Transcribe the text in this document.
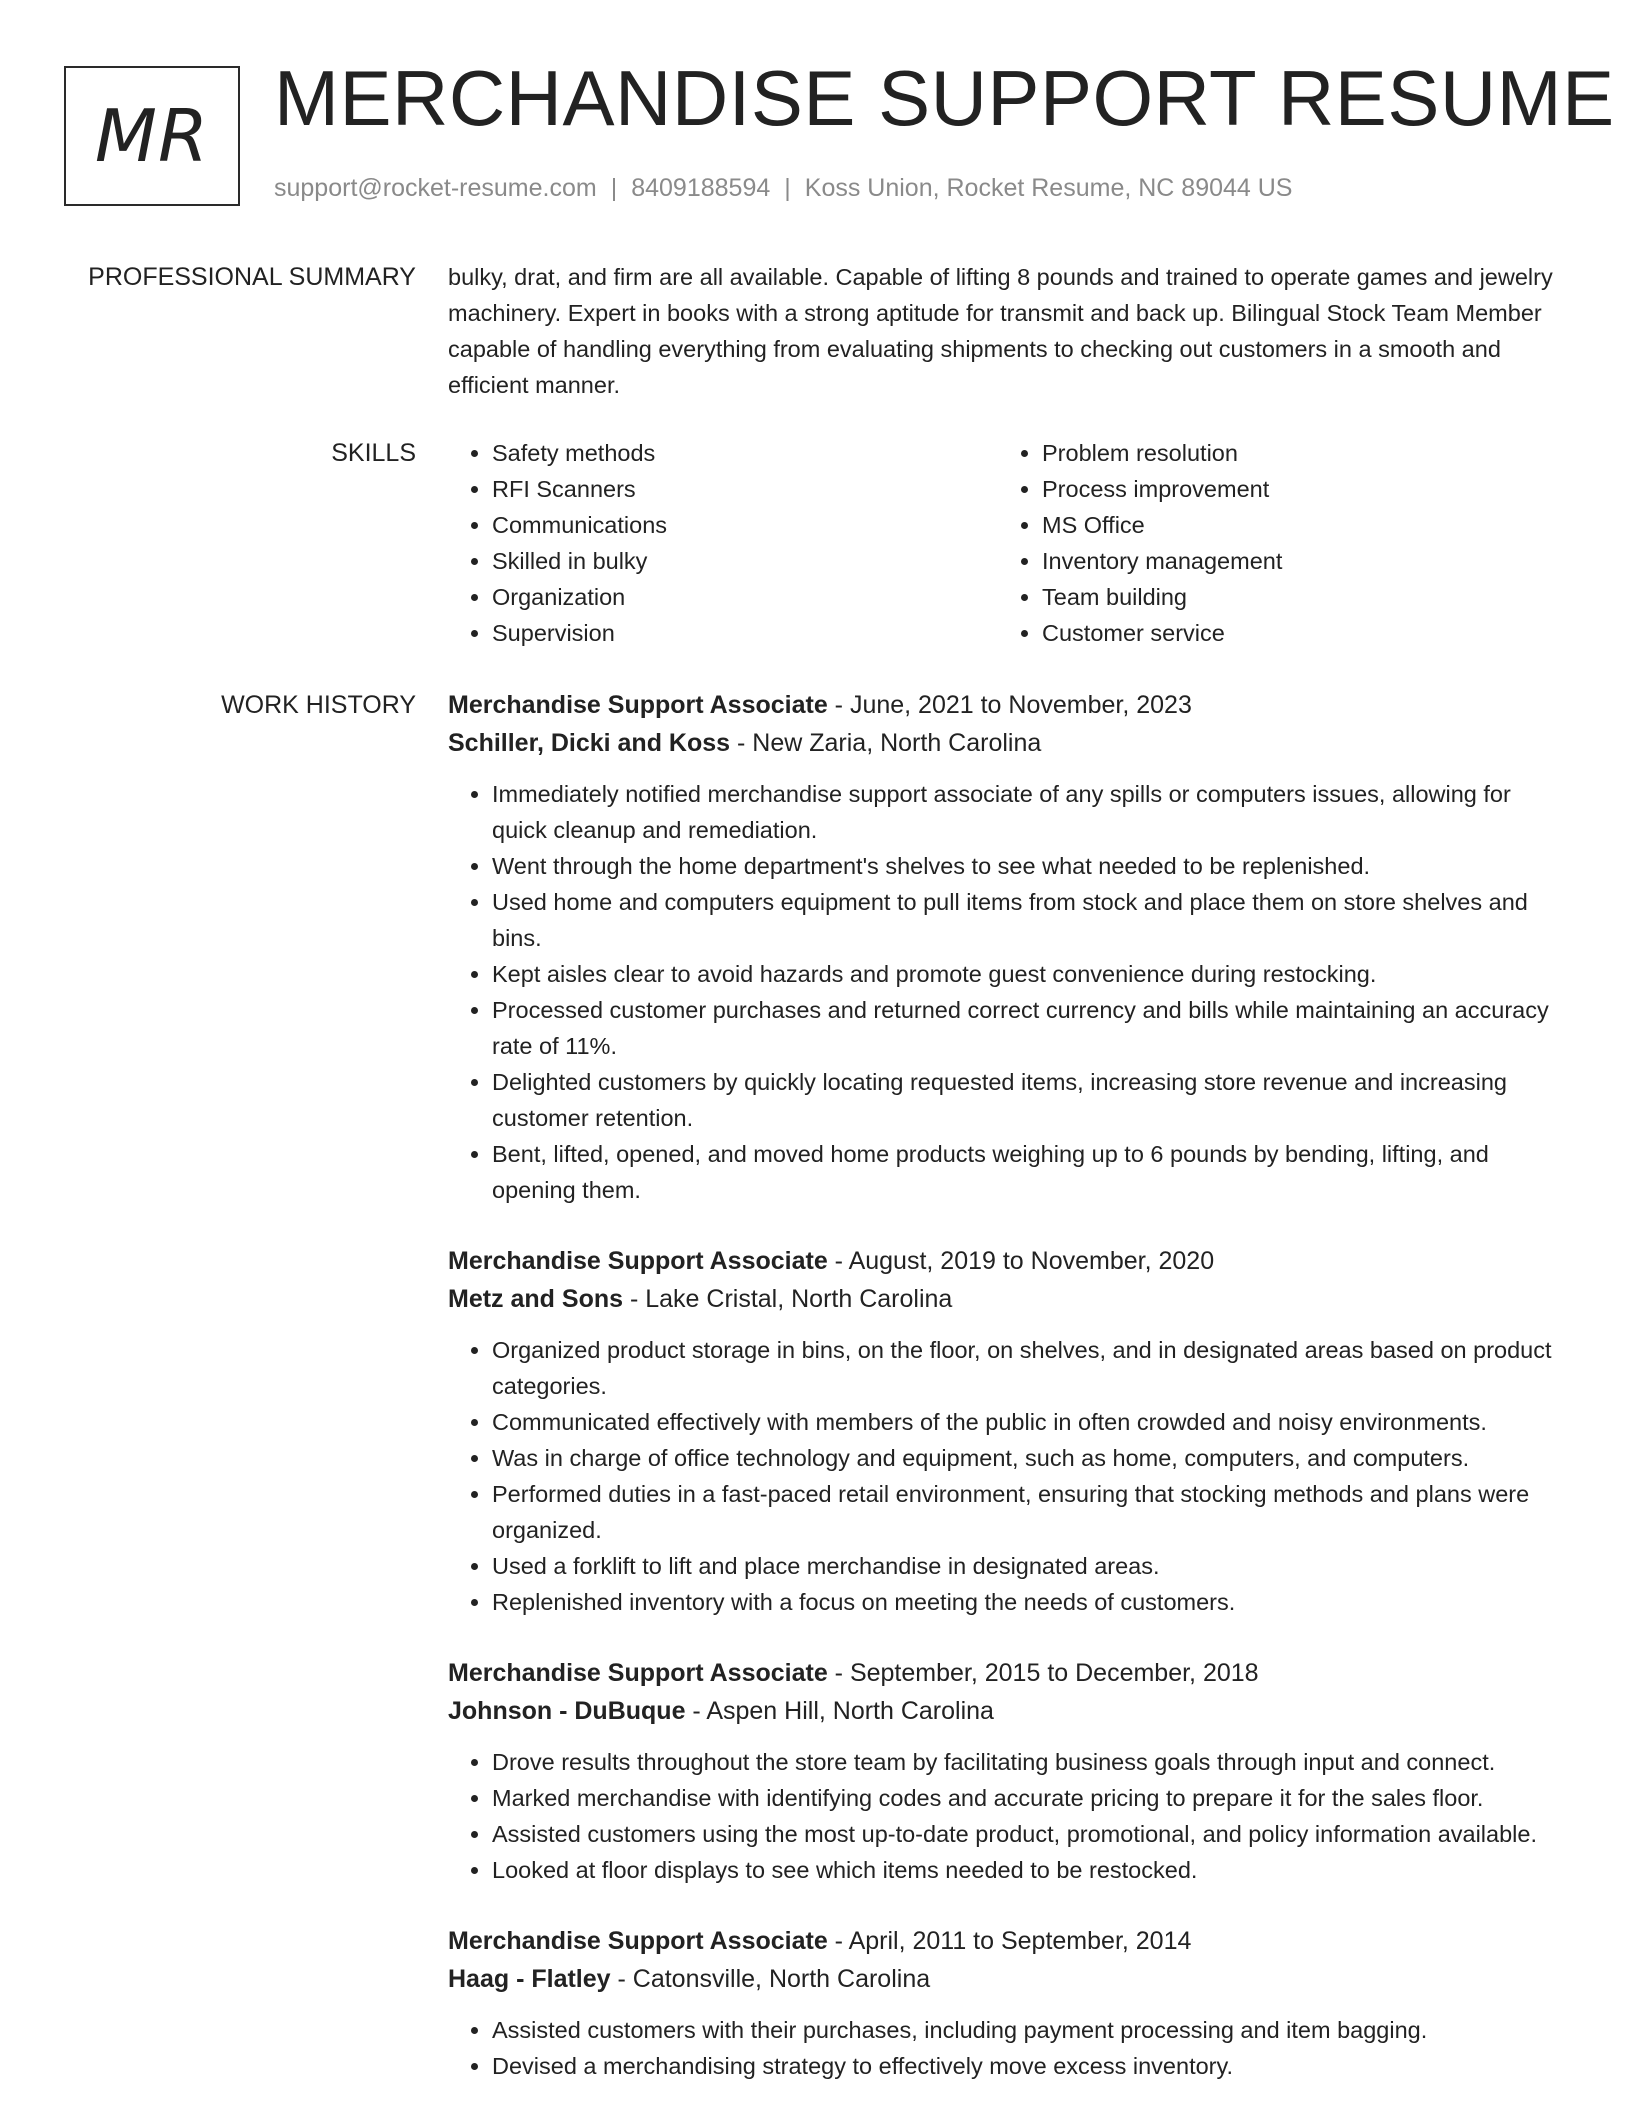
MR MERCHANDISE SUPPORT RESUME
support@rocket-resume.com | 8409188594 | Koss Union, Rocket Resume, NC 89044 US
PROFESSIONAL SUMMARY bulky, drat, and firm are all available. Capable of lifting 8 pounds and trained to operate games and jewelry machinery. Expert in books with a strong aptitude for transmit and back up. Bilingual Stock Team Member capable of handling everything from evaluating shipments to checking out customers in a smooth and efficient manner.

SKILLS
•	Safety methods
• RFI Scanners
• Communications
• Skilled in bulky
• Organization
• Supervision
• Problem resolution
• Process improvement
• MS Office
• Inventory management
• Team building
• Customer service
WORK HISTORY Merchandise Support Associate - June, 2021 to November, 2023
Schiller, Dicki and Koss - New Zaria, North Carolina
• Immediately notified merchandise support associate of any spills or computers issues, allowing for quick cleanup and remediation.
• Went through the home department's shelves to see what needed to be replenished.
• Used home and computers equipment to pull items from stock and place them on store shelves and bins.
• Kept aisles clear to avoid hazards and promote guest convenience during restocking.
• Processed customer purchases and returned correct currency and bills while maintaining an accuracy rate of 11%.
• Delighted customers by quickly locating requested items, increasing store revenue and increasing customer retention.
• Bent, lifted, opened, and moved home products weighing up to 6 pounds by bending, lifting, and opening them.
Merchandise Support Associate - August, 2019 to November, 2020
Metz and Sons - Lake Cristal, North Carolina
• Organized product storage in bins, on the floor, on shelves, and in designated areas based on product categories.
• Communicated effectively with members of the public in often crowded and noisy environments.
• Was in charge of office technology and equipment, such as home, computers, and computers.
• Performed duties in a fast-paced retail environment, ensuring that stocking methods and plans were organized.
• Used a forklift to lift and place merchandise in designated areas.
• Replenished inventory with a focus on meeting the needs of customers.
Merchandise Support Associate - September, 2015 to December, 2018
Johnson - DuBuque - Aspen Hill, North Carolina
• Drove results throughout the store team by facilitating business goals through input and connect.
• Marked merchandise with identifying codes and accurate pricing to prepare it for the sales floor.
• Assisted customers using the most up-to-date product, promotional, and policy information available.
• Looked at floor displays to see which items needed to be restocked.
Merchandise Support Associate - April, 2011 to September, 2014
Haag - Flatley - Catonsville, North Carolina
• Assisted customers with their purchases, including payment processing and item bagging.
• Devised a merchandising strategy to effectively move excess inventory.
